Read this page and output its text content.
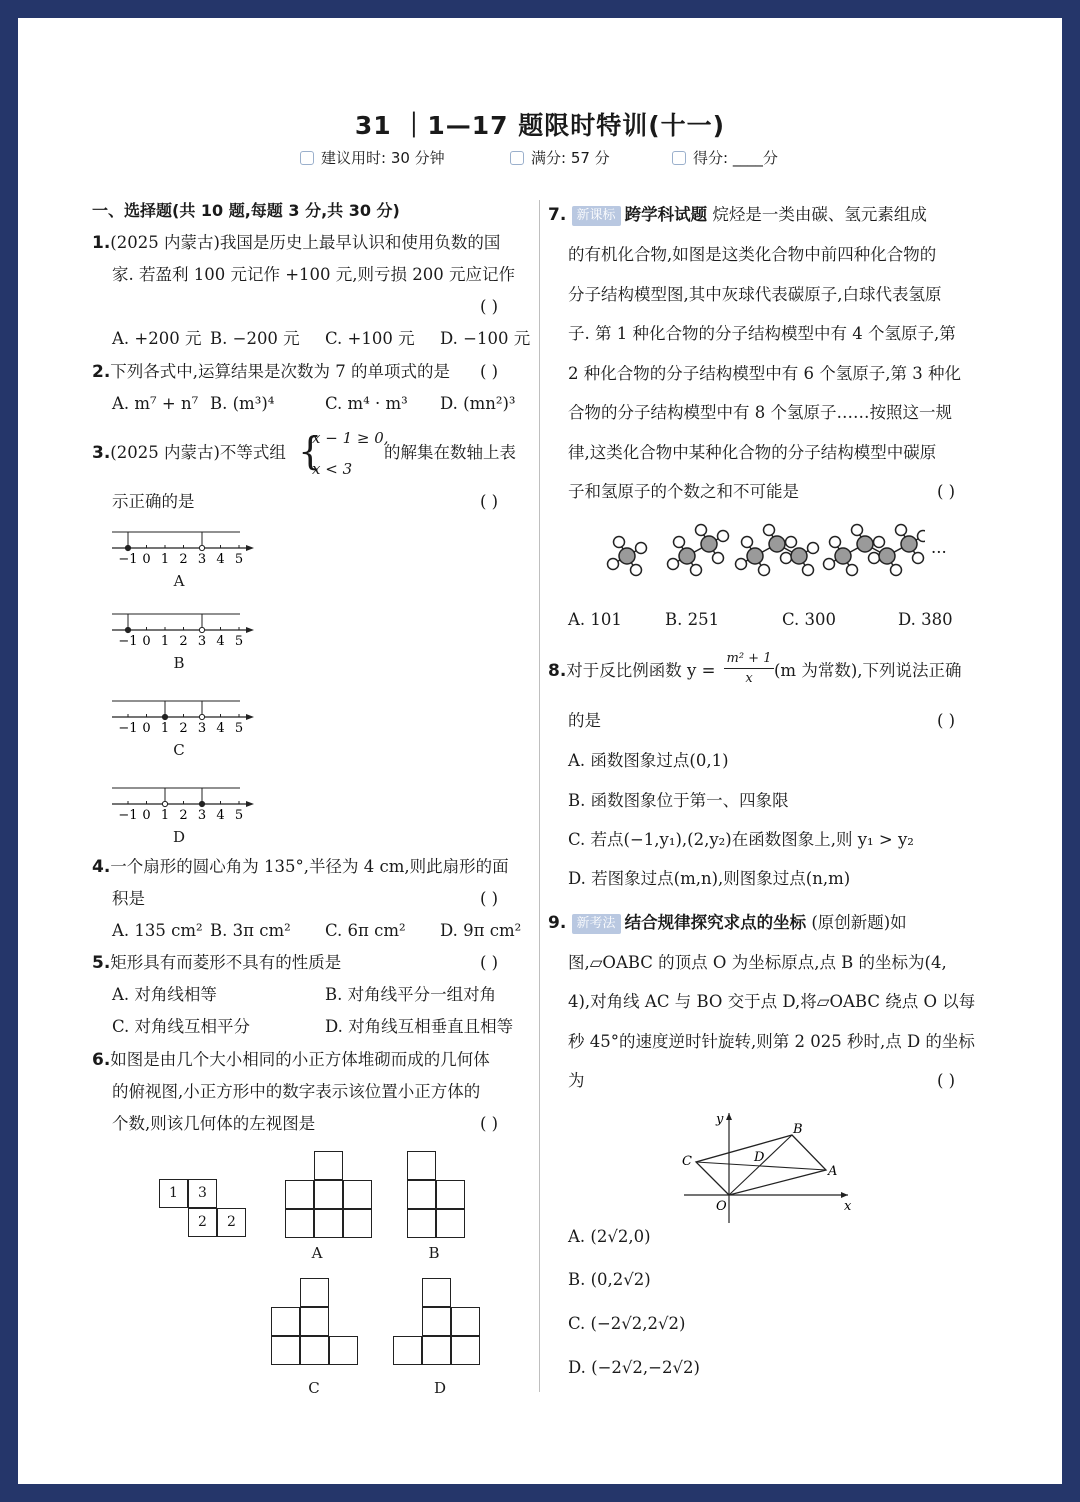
31 ｜1—17 题限时特训(十一)
建议用时: 30 分钟	满分: 57 分	得分: ____分
一、选择题(共 10 题,每题 3 分,共 30 分)
1.(2025 内蒙古)我国是历史上最早认识和使用负数的国
家. 若盈利 100 元记作 +100 元,则亏损 200 元应记作
( )
A. +200 元 B. −200 元 C. +100 元 D. −100 元
2.下列各式中,运算结果是次数为 7 的单项式的是 ( )
A. m⁷ + n⁷ B. (m³)⁴	C. m⁴ · m³ D. (mn²)³
3.(2025 内蒙古)不等式组 {
x − 1 ≥ 0,
x < 3
的解集在数轴上表
示正确的是	( )
−1 0 1 2 3 4 5
−1 0 1 2 3 4 5
−1 0 1 2 3 4 5
−1 0 1 2 3 4 5
A
B
C
D
4.一个扇形的圆心角为 135°,半径为 4 cm,则此扇形的面
积是	( )
A. 135 cm² B. 3π cm² C. 6π cm² D. 9π cm²
5.矩形具有而菱形不具有的性质是	( )
A. 对角线相等	B. 对角线平分一组对角
C. 对角线互相平分	D. 对角线互相垂直且相等
6.如图是由几个大小相同的小正方体堆砌而成的几何体
的俯视图,小正方形中的数字表示该位置小正方体的
个数,则该几何体的左视图是	( )
1	3
2	2
A	B
C	D
7. 新课标 跨学科试题 烷烃是一类由碳、氢元素组成
的有机化合物,如图是这类化合物中前四种化合物的
分子结构模型图,其中灰球代表碳原子,白球代表氢原
子. 第 1 种化合物的分子结构模型中有 4 个氢原子,第
2 种化合物的分子结构模型中有 6 个氢原子,第 3 种化
合物的分子结构模型中有 8 个氢原子……按照这一规
律,这类化合物中某种化合物的分子结构模型中碳原
子和氢原子的个数之和不可能是	( )
···
A. 101	B. 251	C. 300	D. 380
8.对于反比例函数 $y = \frac{\text{m² + 1}}{x} (m$ 为常数),下列说法正确
的是	( )
A. 函数图象过点(0,1)
B. 函数图象位于第一、四象限
C. 若点(−1,y₁),(2,y₂)在函数图象上,则 y₁ > y₂
D. 若图象过点(m,n),则图象过点(n,m)
9. 新考法 结合规律探究求点的坐标 (原创新题)如
图,▱OABC 的顶点 O 为坐标原点,点 B 的坐标为(4,
4),对角线 AC 与 BO 交于点 D,将▱OABC 绕点 O 以每
秒 45°的速度逆时针旋转,则第 2 025 秒时,点 D 的坐标
为	( )
x
y
O
A
B
C	D
A. (2√2,0)
B. (0,2√2)
C. (−2√2,2√2)
D. (−2√2,−2√2)
